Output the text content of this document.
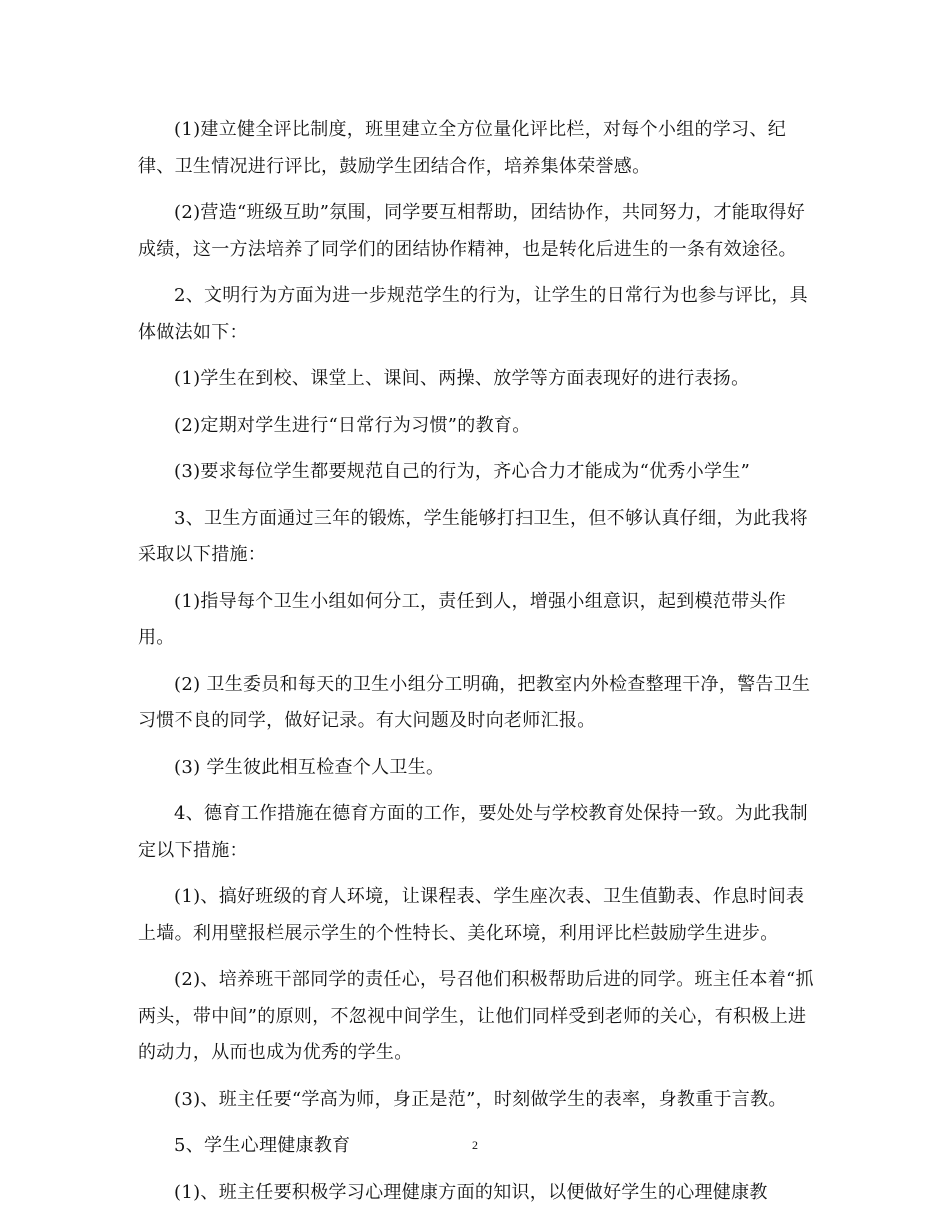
(1)建立健全评比制度，班里建立全方位量化评比栏，对每个小组的学习、纪律、卫生情况进行评比，鼓励学生团结合作，培养集体荣誉感。

(2)营造“班级互助”氛围，同学要互相帮助，团结协作，共同努力，才能取得好成绩，这一方法培养了同学们的团结协作精神，也是转化后进生的一条有效途径。

2、文明行为方面为进一步规范学生的行为，让学生的日常行为也参与评比，具体做法如下：

(1)学生在到校、课堂上、课间、两操、放学等方面表现好的进行表扬。

(2)定期对学生进行“日常行为习惯”的教育。

(3)要求每位学生都要规范自己的行为，齐心合力才能成为“优秀小学生”

3、卫生方面通过三年的锻炼，学生能够打扫卫生，但不够认真仔细，为此我将采取以下措施：

(1)指导每个卫生小组如何分工，责任到人，增强小组意识，起到模范带头作用。

(2) 卫生委员和每天的卫生小组分工明确，把教室内外检查整理干净，警告卫生习惯不良的同学，做好记录。有大问题及时向老师汇报。

(3) 学生彼此相互检查个人卫生。

4、德育工作措施在德育方面的工作，要处处与学校教育处保持一致。为此我制定以下措施：

(1)、搞好班级的育人环境，让课程表、学生座次表、卫生值勤表、作息时间表上墙。利用壁报栏展示学生的个性特长、美化环境，利用评比栏鼓励学生进步。

(2)、培养班干部同学的责任心，号召他们积极帮助后进的同学。班主任本着“抓两头，带中间”的原则，不忽视中间学生，让他们同样受到老师的关心，有积极上进的动力，从而也成为优秀的学生。

(3)、班主任要“学高为师，身正是范”，时刻做学生的表率，身教重于言教。

5、学生心理健康教育

(1)、班主任要积极学习心理健康方面的知识，以便做好学生的心理健康教

2
